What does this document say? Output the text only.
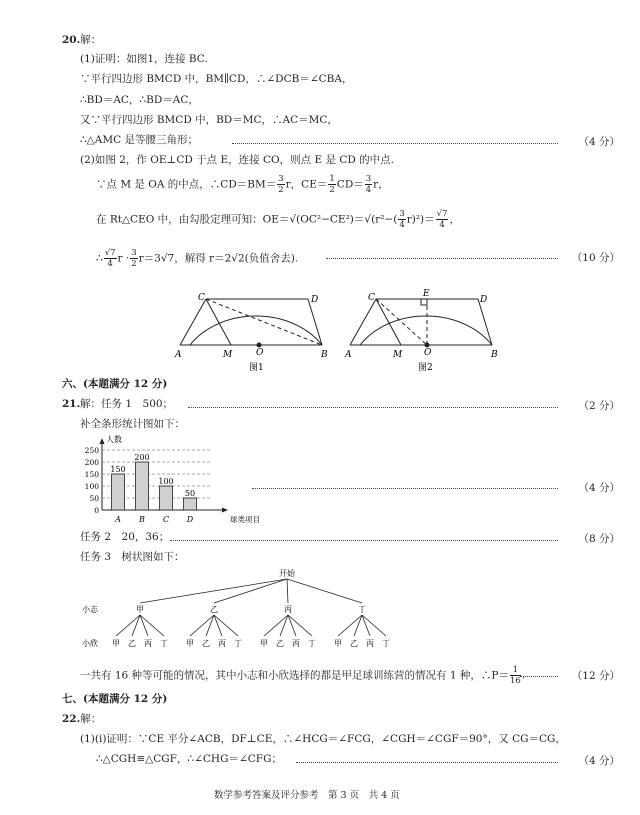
20.解：
(1)证明：如图1，连接 BC.
∵平行四边形 BMCD 中，BM∥CD，∴∠DCB＝∠CBA，
∴BD＝AC，∴BD＝AC，
又∵平行四边形 BMCD 中，BD＝MC，∴AC＝MC，
∴△AMC 是等腰三角形；	（4 分）
(2)如图 2，作 OE⊥CD 于点 E，连接 CO，则点 E 是 CD 的中点.
∵点 M 是 OA 的中点，∴CD＝BM＝ $\frac{3}{2}$ r，$CE= \frac{1}{2} CD= \frac{3}{4}$ r，
在 Rt△CEO 中，由勾股定理可知：$OE=√(OC^2-CE^2)=√(r^2-( \frac{3}{4} r)^2)= \frac{√7}{4}$ ，
∴ $\frac{√7}{4}$ $r \cdot \frac{3}{2} r=3√7$，解得 r＝2√2(负值舍去).	（10 分）
A
C	D
M	O	B
图1
A
C	E
D
M O	B
图2
六、(本题满分 12 分)
21. 解：任务 1　500；	（2 分）
补全条形统计图如下：
250
200
150
100
50
0
人数
球类项目
150
A
200
B
100
C
50
D
（4 分）
任务 2　20，36；	（8 分）
任务 3　树状图如下：
开始
小志
小欣
甲
甲 乙 丙 丁
乙
甲 乙 丙 丁
丙
甲 乙 丙 丁
丁
甲 乙 丙 丁
一共有 16 种等可能的情况，其中小志和小欣选择的都是甲足球训练营的情况有 1 种，∴P＝ $\frac{1}{16}$ .	（12 分）
七、(本题满分 12 分)
22.解：
(1)(i)证明：∵CE 平分∠ACB，DF⊥CE，∴∠HCG＝∠FCG，∠CGH＝∠CGF＝90°，又 CG＝CG，
∴△CGH≌△CGF，∴∠CHG＝∠CFG；	（4 分）
数学参考答案及评分参考　第 3 页　共 4 页
